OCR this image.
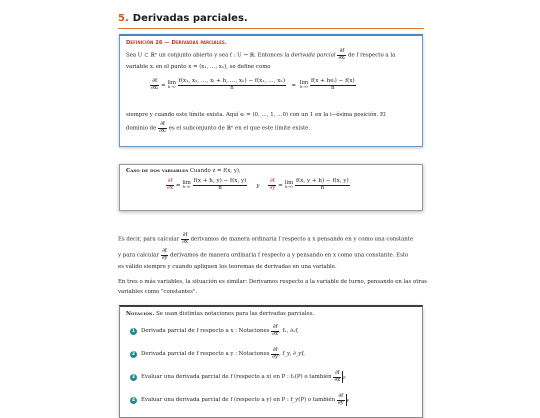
5. Derivadas parciales.
Definición 26 — Derivadas parciales.
Sea U ⊂ ℝⁿ un conjunto abierto y sea f : U → ℝ. Entonces la derivada parcial $\frac{\partial f}{\text{∂xᵢ}}$ de f respecto a la
variable xᵢ en el punto x = (x₁, …, xₙ), se define como
$\frac{\partial f}{\text{∂xᵢ}} = \lim$
h→0
$\frac{\text{f(x₁, x₂, …, xᵢ + h, …, xₙ) − f(x₁, …, xₙ)}}{h} = \lim$
h→0
$\frac{\text{f(x + heᵢ) − f(x)}}{h}$
siempre y cuando este límite exista. Aquí eᵢ = (0, …, 1, …0) con un 1 en la i−ésima posición. El
dominio de $\frac{\partial f}{\text{∂xᵢ}}$ es el subconjunto de ℝⁿ en el que este límite existe.
Caso de dos variables Cuando z = f(x, y),
$\frac{\partial f}{\partial x} = \lim$
h→0
$\frac{f(x + h, y) - f(x, y)}{h}$ y $\frac{\partial f}{\partial y} = \lim$
h→0
$\frac{f(x, y + h) - f(x, y)}{h}$
Es decir, para calcular $\frac{\partial f}{\partial x}$ derivamos de manera ordinaria f respecto a x pensando en y como una constante
y para calcular $\frac{\partial f}{\partial y}$ derivamos de manera ordinaria f respecto a y pensando en x como una constante. Esto
es válido siempre y cuando apliquen los teoremas de derivadas en una variable.
En tres o más variables, la situación es similar: Derivamos respecto a la variable de turno, pensando en las otras
variables como "constantes".
Notación. Se usan distintas notaciones para las derivadas parciales.
1	Derivada parcial de f respecto a x : Notaciones
$\frac{\partial f}{\partial x}$ , fₓ, ∂ₓf,
2	Derivada parcial de f respecto a y : Notaciones
$\frac{\partial f}{\partial y}$ , f_y, ∂_yf,
3	Evaluar una derivada parcial de f (respecto a x) en P : fₓ(P) o también
$\frac{\partial f}{\partial x}$ P
4	Evaluar una derivada parcial de f (respecto a y) en P : f_y(P) o también
$\frac{\partial f}{\partial y}$ P
